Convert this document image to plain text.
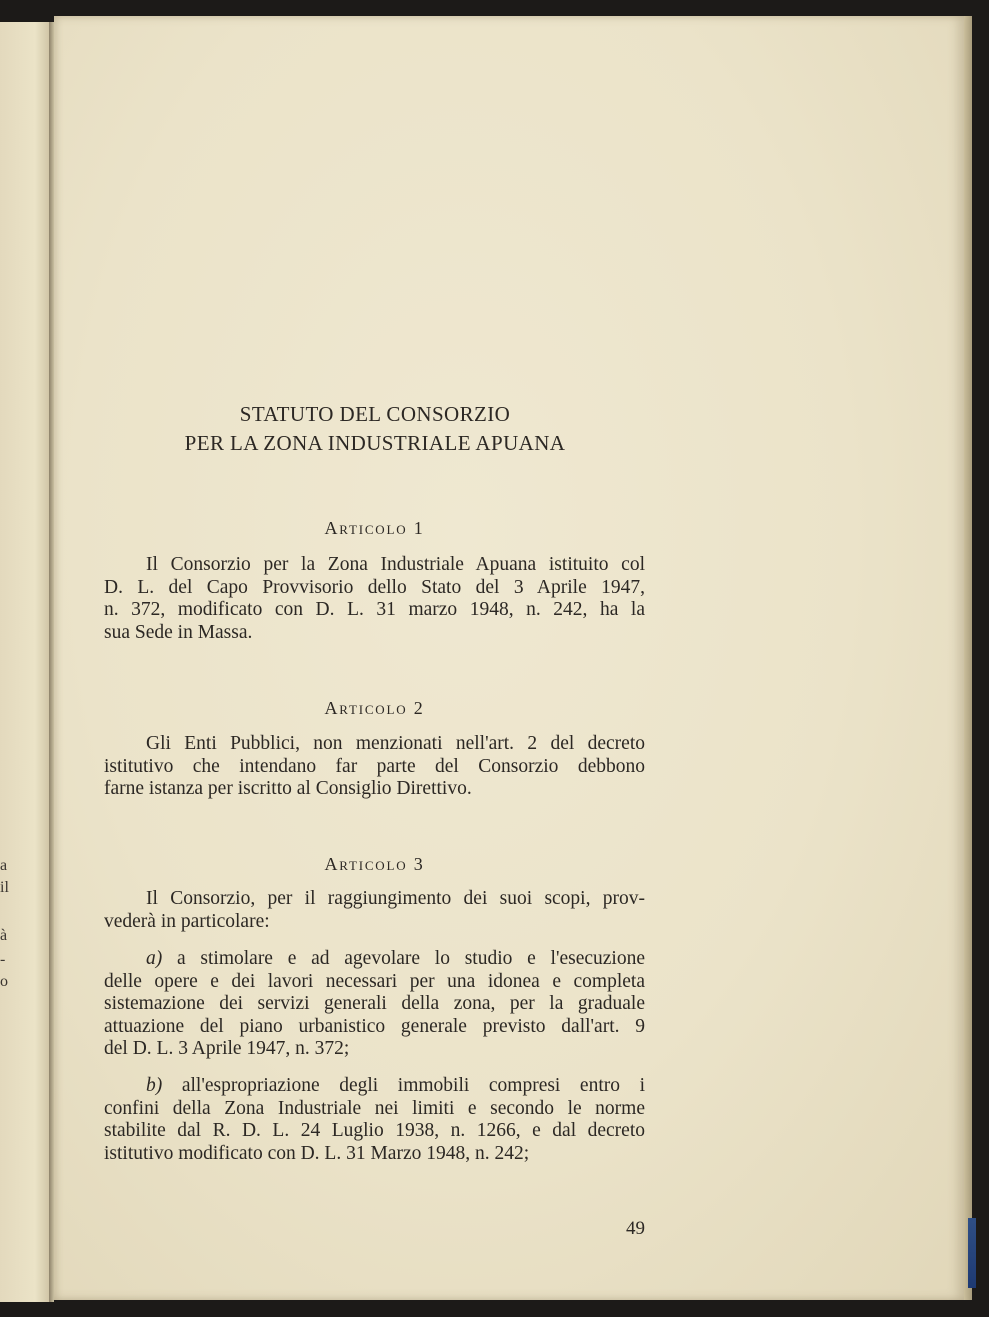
a
il
à
-
o
STATUTO DEL CONSORZIO
PER LA ZONA INDUSTRIALE APUANA
Articolo 1
Il Consorzio per la Zona Industriale Apuana istituito col
D. L. del Capo Provvisorio dello Stato del 3 Aprile 1947,
n. 372, modificato con D. L. 31 marzo 1948, n. 242, ha la
sua Sede in Massa.
Articolo 2
Gli Enti Pubblici, non menzionati nell'art. 2 del decreto
istitutivo che intendano far parte del Consorzio debbono
farne istanza per iscritto al Consiglio Direttivo.
Articolo 3
Il Consorzio, per il raggiungimento dei suoi scopi, prov-
vederà in particolare:
a) a stimolare e ad agevolare lo studio e l'esecuzione
delle opere e dei lavori necessari per una idonea e completa
sistemazione dei servizi generali della zona, per la graduale
attuazione del piano urbanistico generale previsto dall'art. 9
del D. L. 3 Aprile 1947, n. 372;
b) all'espropriazione degli immobili compresi entro i
confini della Zona Industriale nei limiti e secondo le norme
stabilite dal R. D. L. 24 Luglio 1938, n. 1266, e dal decreto
istitutivo modificato con D. L. 31 Marzo 1948, n. 242;
49
